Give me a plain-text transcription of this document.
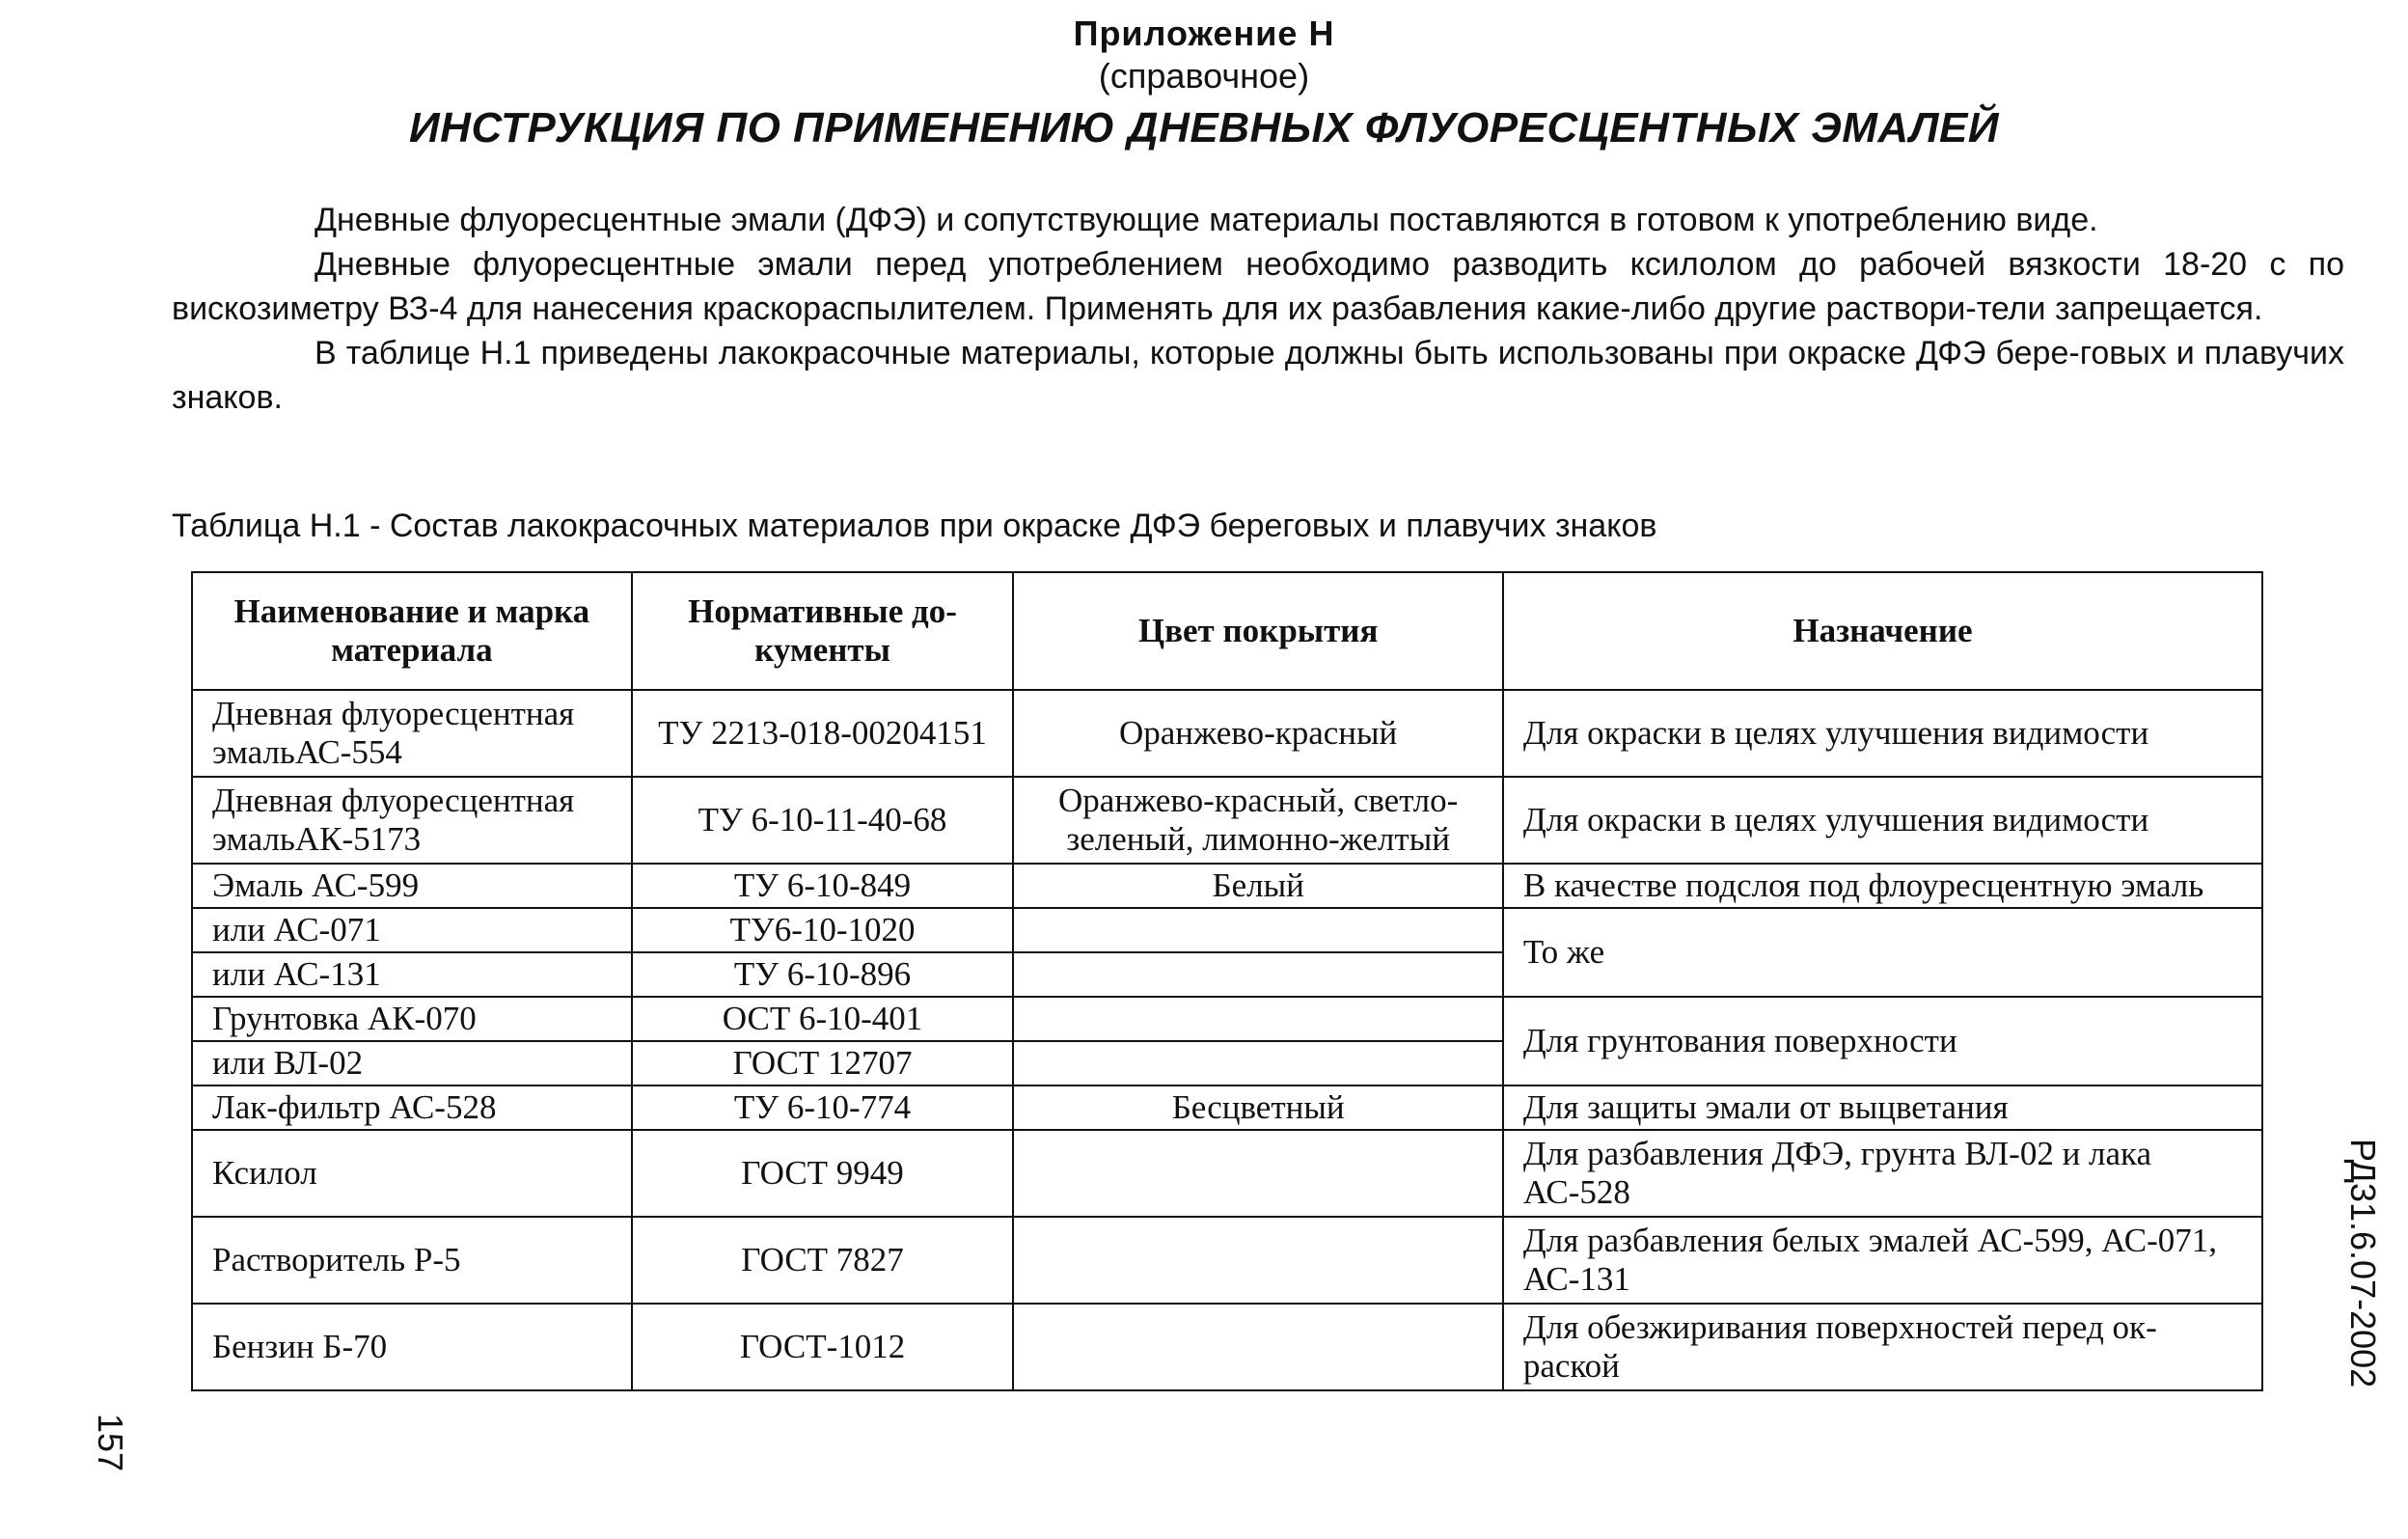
Приложение Н
(справочное)
ИНСТРУКЦИЯ ПО ПРИМЕНЕНИЮ ДНЕВНЫХ ФЛУОРЕСЦЕНТНЫХ ЭМАЛЕЙ

Дневные флуоресцентные эмали (ДФЭ) и сопутствующие материалы поставляются в готовом к употреблению виде.

Дневные флуоресцентные эмали перед употреблением необходимо разводить ксилолом до рабочей вязкости 18-20 с по вискозиметру ВЗ-4 для нанесения краскораспылителем. Применять для их разбавления какие-либо другие раствори-тели запрещается.

В таблице Н.1 приведены лакокрасочные материалы, которые должны быть использованы при окраске ДФЭ бере-говых и плавучих знаков.

Таблица Н.1 - Состав лакокрасочных материалов при окраске ДФЭ береговых и плавучих знаков
Наименование и марка материала	Нормативные до-кументы	Цвет покрытия	Назначение
Дневная флуоресцентная эмальАС-554	ТУ 2213-018-00204151	Оранжево-красный	Для окраски в целях улучшения видимости
Дневная флуоресцентная эмальАК-5173	ТУ 6-10-11-40-68	Оранжево-красный, светло-зеленый, лимонно-желтый	Для окраски в целях улучшения видимости
Эмаль АС-599	ТУ 6-10-849	Белый	В качестве подслоя под флоуресцентную эмаль
или АС-071	ТУ6-10-1020		То же
или АС-131	ТУ 6-10-896		
Грунтовка АК-070	ОСТ 6-10-401		Для грунтования поверхности
или ВЛ-02	ГОСТ 12707		
Лак-фильтр АС-528	ТУ 6-10-774	Бесцветный	Для защиты эмали от выцветания
Ксилол	ГОСТ 9949		Для разбавления ДФЭ, грунта ВЛ-02 и лака АС-528
Растворитель Р-5	ГОСТ 7827		Для разбавления белых эмалей АС-599, АС-071, АС-131
Бензин Б-70	ГОСТ-1012		Для обезжиривания поверхностей перед ок-раской	РД31.6.07-2002
157
